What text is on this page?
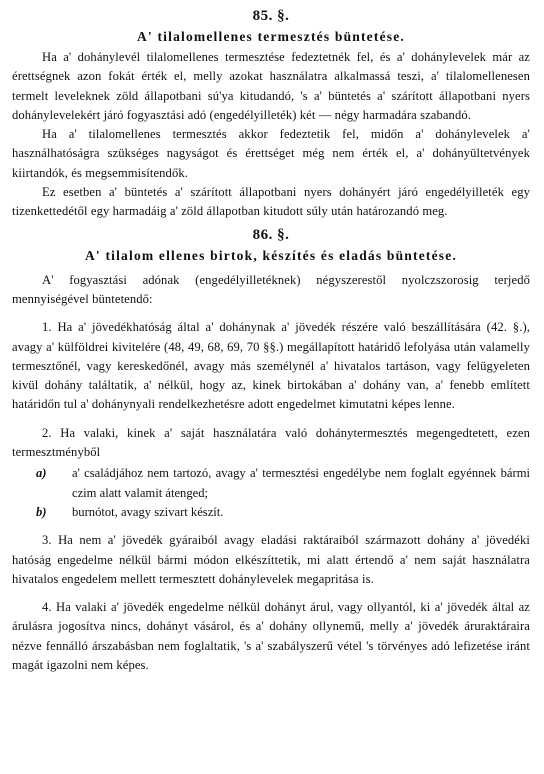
85. §.
A' tilalomellenes termesztés büntetése.

Ha a' dohánylevél tilalomellenes termesztése fedeztetnék fel, és a' dohánylevelek már az érettségnek azon fokát érték el, melly azokat használatra alkalmassá teszi, a' tilalomellenesen termelt leveleknek zöld állapotbani sú'ya kitudandó, 's a' büntetés a' szárított állapotbani nyers dohánylevelekért járó fogyasztási adó (engedélyilleték) két — négy harmadára szabandó.

Ha a' tilalomellenes termesztés akkor fedeztetik fel, midőn a' dohánylevelek a' használhatóságra szükséges nagyságot és érettséget még nem érték el, a' dohányültetvények kiirtandók, és megsemmisítendők.

Ez esetben a' büntetés a' szárított állapotbani nyers dohányért járó engedélyilleték egy tizenkettedétől egy harmadáig a' zöld állapotban kitudott súly után határozandó meg.

86. §.
A' tilalom ellenes birtok, készítés és eladás büntetése.

A' fogyasztási adónak (engedélyilletéknek) négyszerestől nyolczszorosig terjedő mennyiségével büntetendő:

1. Ha a' jövedékhatóság által a' dohánynak a' jövedék részére való beszállítására (42. §.), avagy a' külföldrei kivitelére (48, 49, 68, 69, 70 §§.) megállapított határidő lefolyása után valamelly termesztőnél, vagy kereskedőnél, avagy más személynél a' hivatalos tartáson, vagy felügyeleten kivül dohány találtatik, a' nélkül, hogy az, kinek birtokában a' dohány van, a' fenebb említett határidőn tul a' dohánynyali rendelkezhetésre adott engedelmet kimutatni képes lenne.

2. Ha valaki, kinek a' saját használatára való dohánytermesztés megengedtetett, ezen termesztményből

a)	a' családjához nem tartozó, avagy a' termesztési engedélybe nem foglalt egyénnek bármi czim alatt valamit átenged;
b)	burnótot, avagy szivart készít.

3. Ha nem a' jövedék gyáraiból avagy eladási raktáraiból származott dohány a' jövedéki hatóság engedelme nélkül bármi módon elkészíttetik, mi alatt értendő a' nem saját használatra hivatalos engedelem mellett termesztett dohánylevelek megapritása is.

4. Ha valaki a' jövedék engedelme nélkül dohányt árul, vagy ollyantól, ki a' jövedék által az árulásra jogosítva nincs, dohányt vásárol, és a' dohány ollynemű, melly a' jövedék áruraktáraira nézve fennálló árszabásban nem foglaltatik, 's a' szabályszerű vétel 's törvényes adó lefizetése iránt magát igazolni nem képes.
